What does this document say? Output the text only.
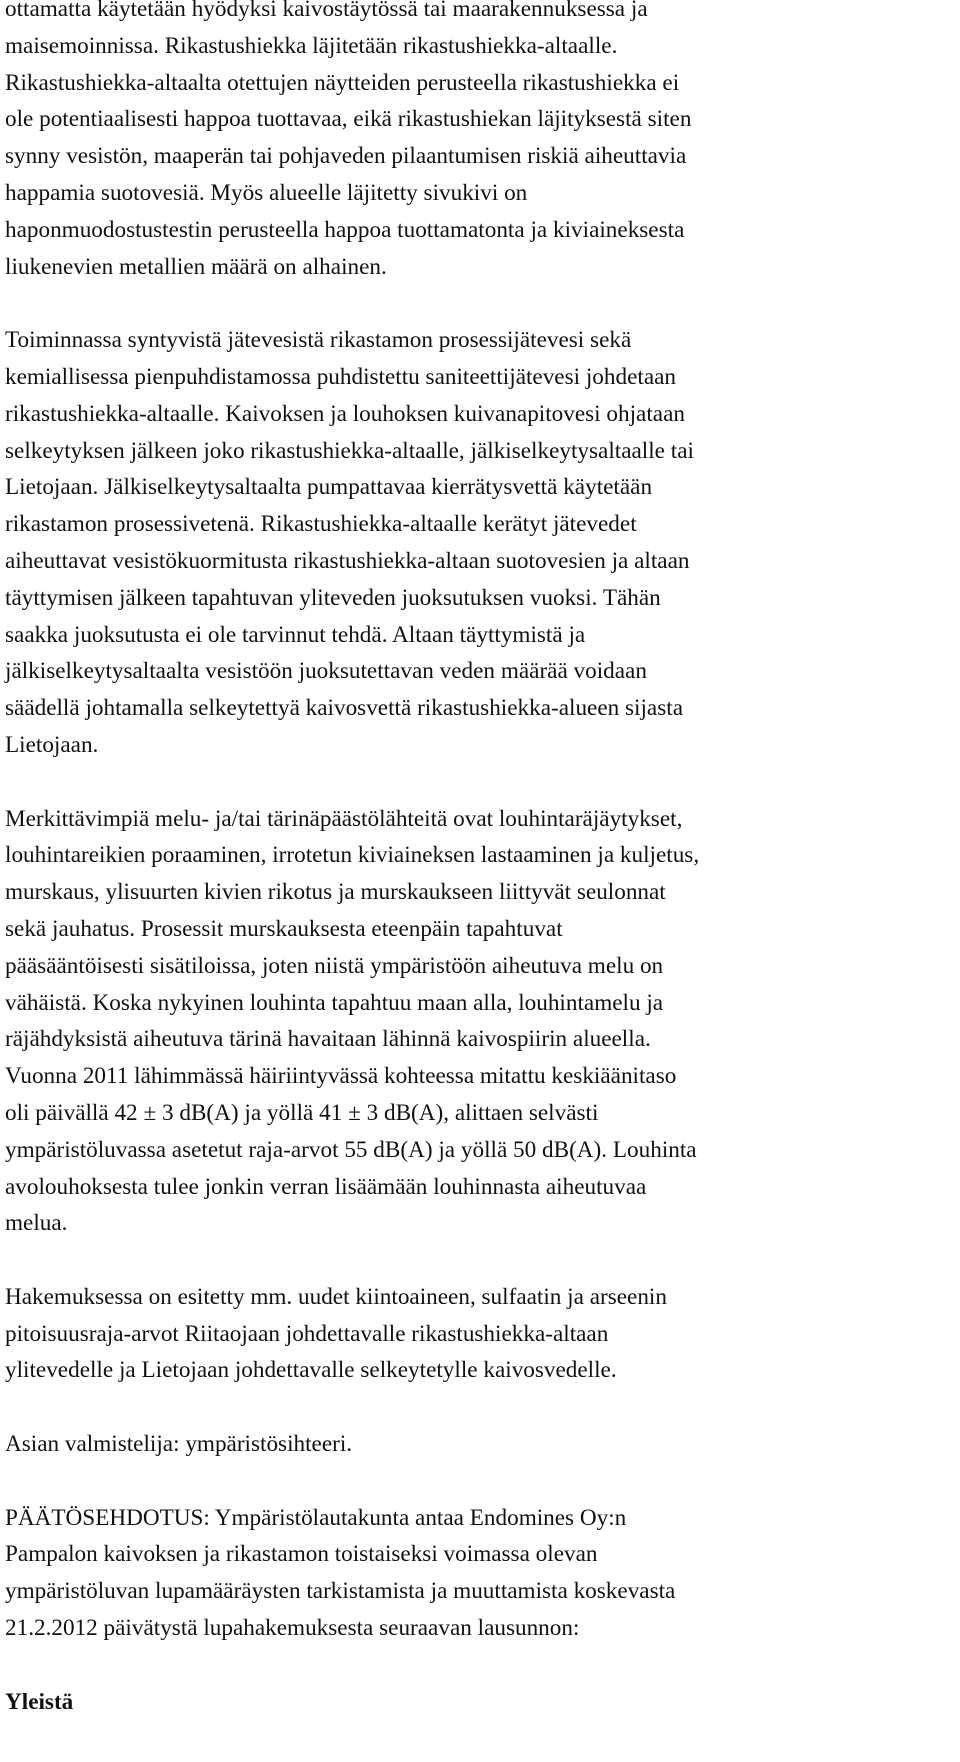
ottamatta käytetään hyödyksi kaivostäytössä tai maarakennuksessa ja
maisemoinnissa. Rikastushiekka läjitetään rikastushiekka-altaalle.
Rikastushiekka-altaalta otettujen näytteiden perusteella rikastushiekka ei
ole potentiaalisesti happoa tuottavaa, eikä rikastushiekan läjityksestä siten
synny vesistön, maaperän tai pohjaveden pilaantumisen riskiä aiheuttavia
happamia suotovesiä. Myös alueelle läjitetty sivukivi on
haponmuodostustestin perusteella happoa tuottamatonta ja kiviaineksesta
liukenevien metallien määrä on alhainen.
Toiminnassa syntyvistä jätevesistä rikastamon prosessijätevesi sekä
kemiallisessa pienpuhdistamossa puhdistettu saniteettijätevesi johdetaan
rikastushiekka-altaalle. Kaivoksen ja louhoksen kuivanapitovesi ohjataan
selkeytyksen jälkeen joko rikastushiekka-altaalle, jälkiselkeytysaltaalle tai
Lietojaan. Jälkiselkeytysaltaalta pumpattavaa kierrätysvettä käytetään
rikastamon prosessivetenä. Rikastushiekka-altaalle kerätyt jätevedet
aiheuttavat vesistökuormitusta rikastushiekka-altaan suotovesien ja altaan
täyttymisen jälkeen tapahtuvan yliteveden juoksutuksen vuoksi. Tähän
saakka juoksutusta ei ole tarvinnut tehdä. Altaan täyttymistä ja
jälkiselkeytysaltaalta vesistöön juoksutettavan veden määrää voidaan
säädellä johtamalla selkeytettyä kaivosvettä rikastushiekka-alueen sijasta
Lietojaan.
Merkittävimpiä melu- ja/tai tärinäpäästölähteitä ovat louhintaräjäytykset,
louhintareikien poraaminen, irrotetun kiviaineksen lastaaminen ja kuljetus,
murskaus, ylisuurten kivien rikotus ja murskaukseen liittyvät seulonnat
sekä jauhatus. Prosessit murskauksesta eteenpäin tapahtuvat
pääsääntöisesti sisätiloissa, joten niistä ympäristöön aiheutuva melu on
vähäistä. Koska nykyinen louhinta tapahtuu maan alla, louhintamelu ja
räjähdyksistä aiheutuva tärinä havaitaan lähinnä kaivospiirin alueella.
Vuonna 2011 lähimmässä häiriintyvässä kohteessa mitattu keskiäänitaso
oli päivällä 42 ± 3 dB(A) ja yöllä 41 ± 3 dB(A), alittaen selvästi
ympäristöluvassa asetetut raja-arvot 55 dB(A) ja yöllä 50 dB(A). Louhinta
avolouhoksesta tulee jonkin verran lisäämään louhinnasta aiheutuvaa
melua.
Hakemuksessa on esitetty mm. uudet kiintoaineen, sulfaatin ja arseenin
pitoisuusraja-arvot Riitaojaan johdettavalle rikastushiekka-altaan
ylitevedelle ja Lietojaan johdettavalle selkeytetylle kaivosvedelle.
Asian valmistelija: ympäristösihteeri.
PÄÄTÖSEHDOTUS: Ympäristölautakunta antaa Endomines Oy:n
Pampalon kaivoksen ja rikastamon toistaiseksi voimassa olevan
ympäristöluvan lupamääräysten tarkistamista ja muuttamista koskevasta
21.2.2012 päivätystä lupahakemuksesta seuraavan lausunnon:
Yleistä
